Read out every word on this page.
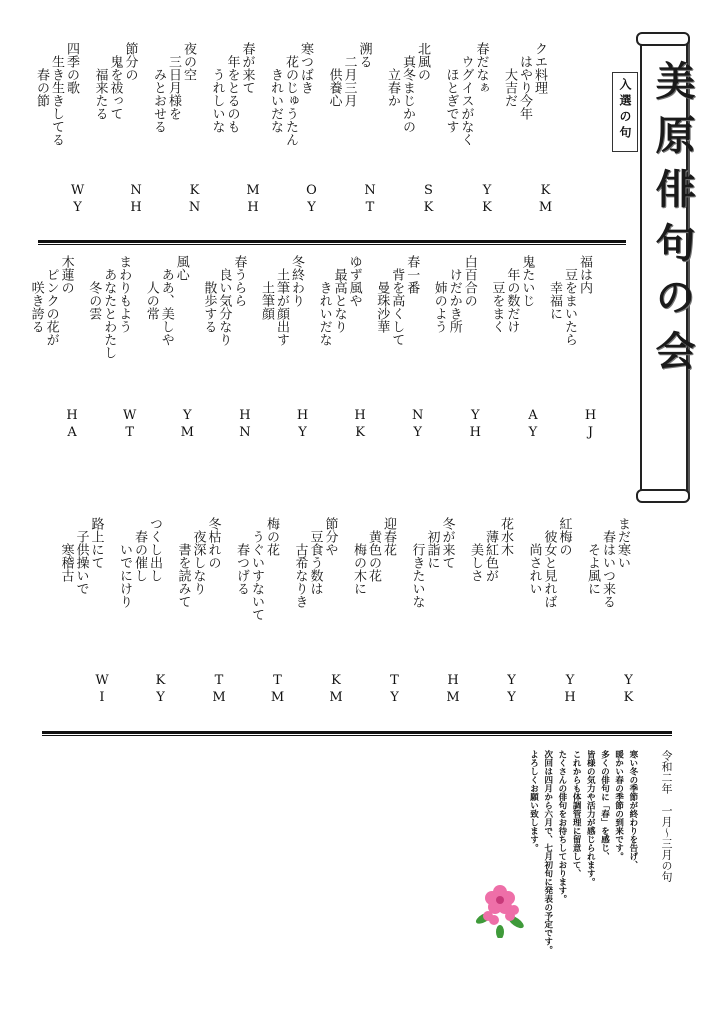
美原俳句の会
入選の句
クエ料理
はやり今年
大吉だ
KM
春だなぁ
ウグイスがなく
ほとぎです
YK
北風の
真冬まじかの
立春か
SK
溯る
二月三月
供養心
NT
寒つばき
花のじゅうたん
きれいだな
OY
春が来て
年をとるのも
うれしいな
MH
夜の空
三日月様を
みとおせる
KN
節分の
鬼を祓って
福来たる
NH
四季の歌
生き生きしてる
春の節
WY
福は内
豆をまいたら
幸福に
HJ
鬼たいじ
年の数だけ
豆をまく
AY
白百合の
けだかき所
姉のよう
YH
春一番
背を高くして
曼珠沙華
NY
ゆず風や
最高となり
きれいだな
HK
冬終わり
土筆が顔出す
土筆顔
HY
春うらら
良い気分なり
散歩する
HN
風心
ああ、美しや
人の常
YM
まわりもよう
あなたとわたし
冬の雲
WT
木蓮の
ピンクの花が
咲き誇る
HA
まだ寒い
春はいつ来る
そよ風に
YK
紅梅の
彼女と見れば
尚されい
YH
花水木
薄紅色が
美しさ
YY
冬が来て
初詣に
行きたいな
HM
迎春花
黄色の花
梅の木に
TY
節分や
豆食う数は
古希なりき
KM
梅の花
うぐいすないて
春つげる
TM
冬枯れの
夜深しなり
書を読みて
TM
つくし出し
春の催し
いでにけり
KY
路上にて
子供操いで
寒稽古
WI
令和二年　一月～三月の句
寒い冬の季節が終わりを告げ、
暖かい春の季節の到来です。
多くの俳句に「春」を感じ、
皆様の気力や活力が感じられます。
これからも体調管理に留意して、
たくさんの俳句をお待ちしております。
次回は四月から六月で、七月初旬に発表の予定です。
よろしくお願い致します。
